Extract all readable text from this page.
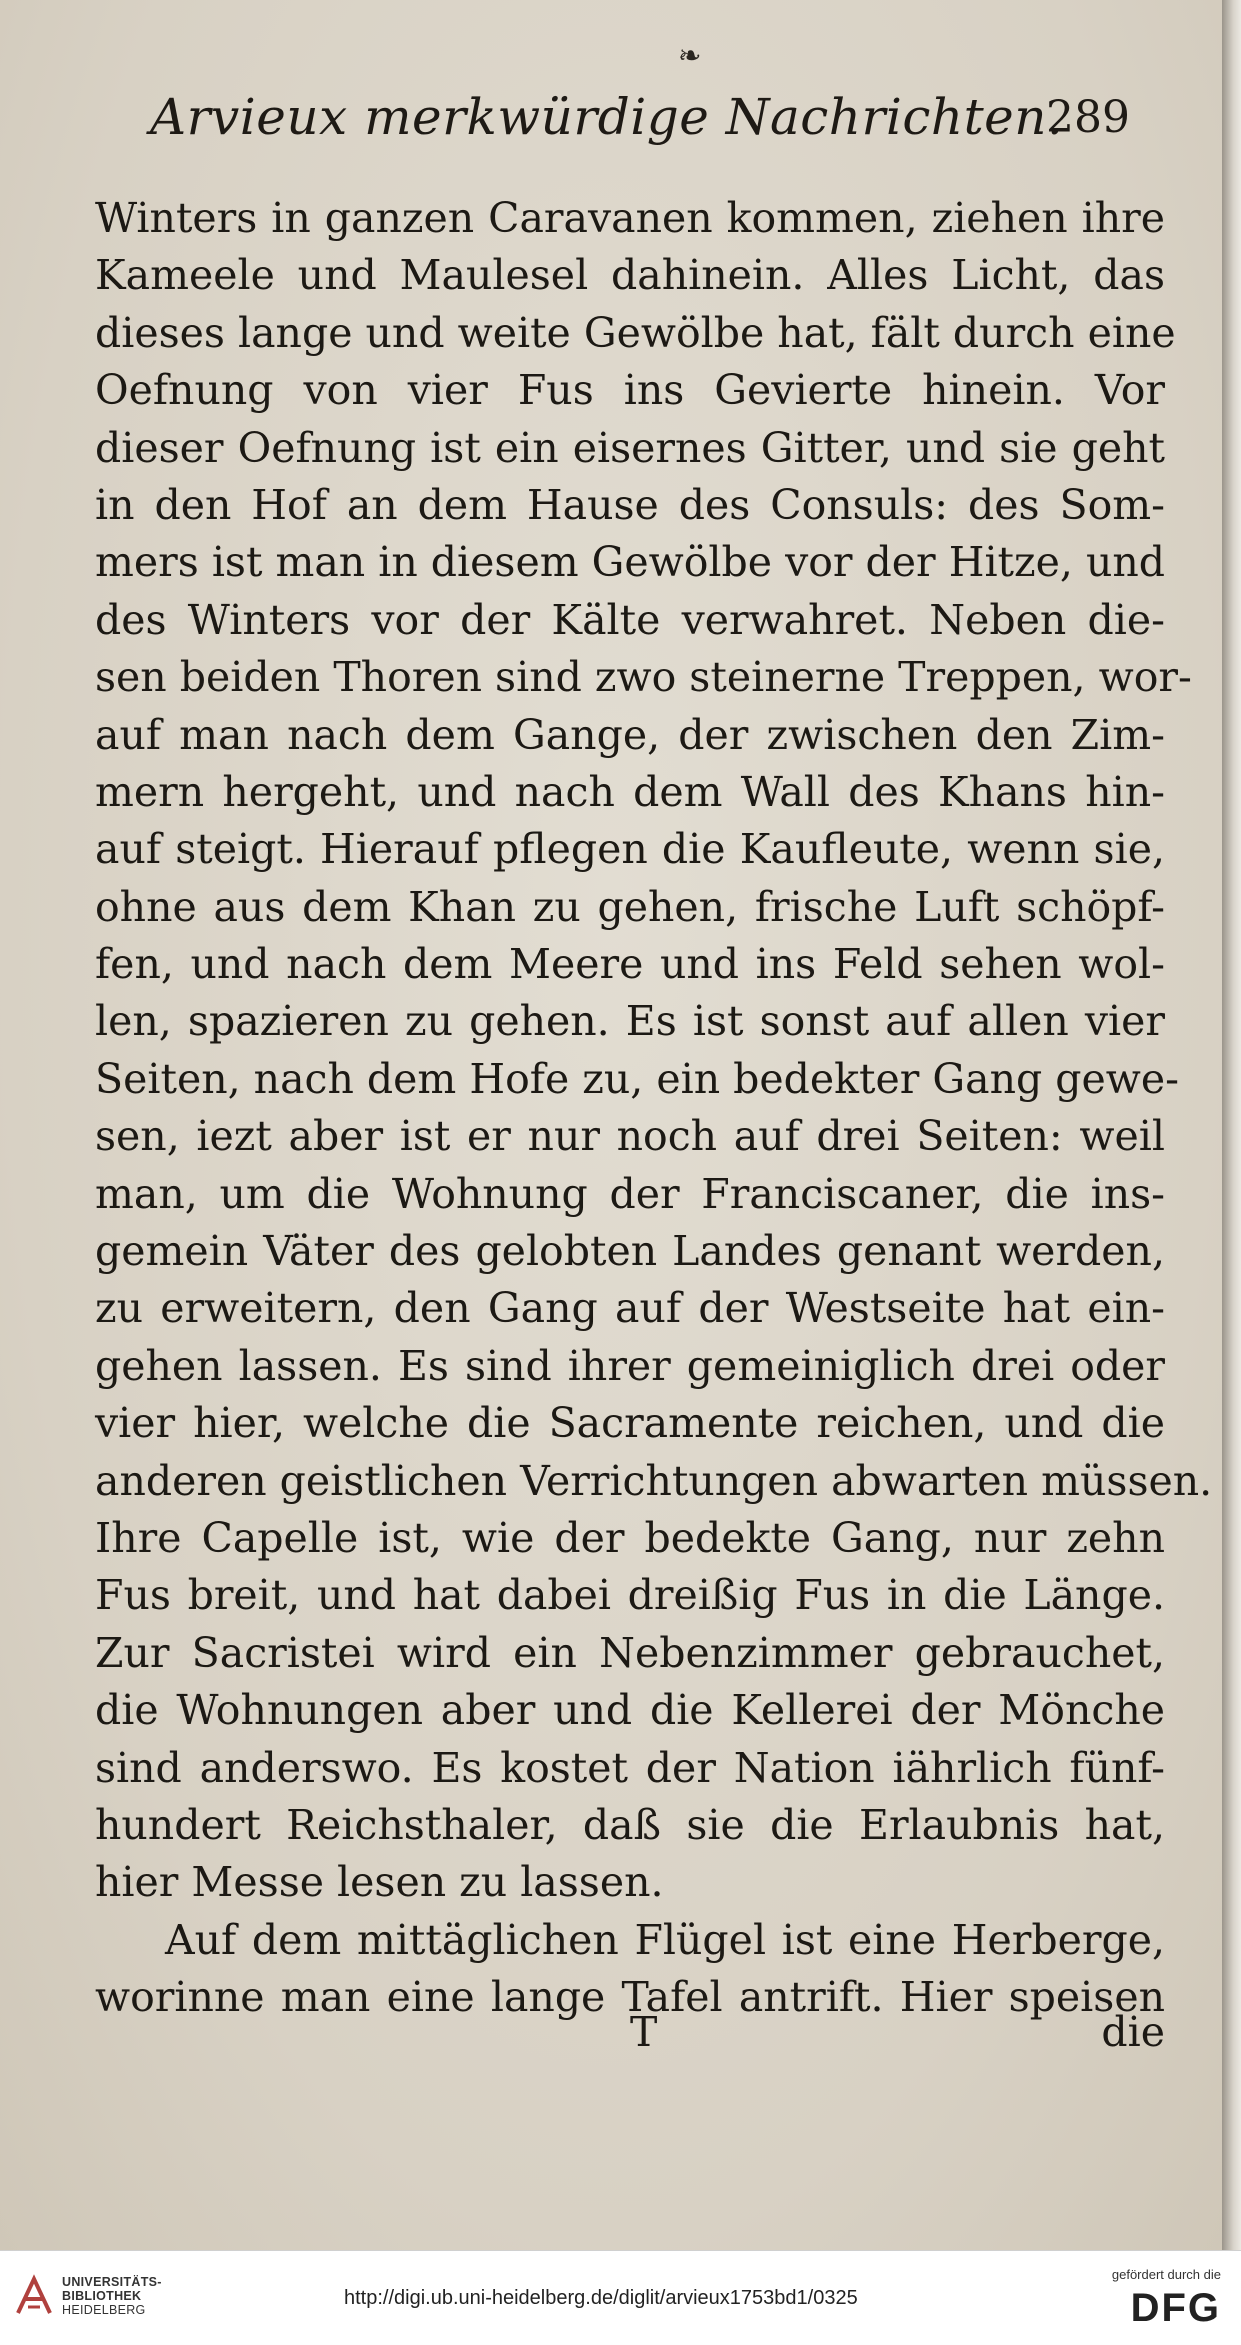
❧
Arvieux merkwürdige Nachrichten.
289
Winters in ganzen Caravanen kommen, ziehen ihre
Kameele und Maulesel dahinein. Alles Licht, das
dieses lange und weite Gewölbe hat, fält durch eine
Oefnung von vier Fus ins Gevierte hinein. Vor
dieser Oefnung ist ein eisernes Gitter, und sie geht
in den Hof an dem Hause des Consuls: des Som-
mers ist man in diesem Gewölbe vor der Hitze, und
des Winters vor der Kälte verwahret. Neben die-
sen beiden Thoren sind zwo steinerne Treppen, wor-
auf man nach dem Gange, der zwischen den Zim-
mern hergeht, und nach dem Wall des Khans hin-
auf steigt. Hierauf pflegen die Kaufleute, wenn sie,
ohne aus dem Khan zu gehen, frische Luft schöpf-
fen, und nach dem Meere und ins Feld sehen wol-
len, spazieren zu gehen. Es ist sonst auf allen vier
Seiten, nach dem Hofe zu, ein bedekter Gang gewe-
sen, iezt aber ist er nur noch auf drei Seiten: weil
man, um die Wohnung der Franciscaner, die ins-
gemein Väter des gelobten Landes genant werden,
zu erweitern, den Gang auf der Westseite hat ein-
gehen lassen. Es sind ihrer gemeiniglich drei oder
vier hier, welche die Sacramente reichen, und die
anderen geistlichen Verrichtungen abwarten müssen.
Ihre Capelle ist, wie der bedekte Gang, nur zehn
Fus breit, und hat dabei dreißig Fus in die Länge.
Zur Sacristei wird ein Nebenzimmer gebrauchet,
die Wohnungen aber und die Kellerei der Mönche
sind anderswo. Es kostet der Nation iährlich fünf-
hundert Reichsthaler, daß sie die Erlaubnis hat,
hier Messe lesen zu lassen.
Auf dem mittäglichen Flügel ist eine Herberge,
worinne man eine lange Tafel antrift. Hier speisen
T	die
UNIVERSITÄTS-
BIBLIOTHEK
HEIDELBERG
http://digi.ub.uni-heidelberg.de/diglit/arvieux1753bd1/0325
gefördert durch die
DFG
